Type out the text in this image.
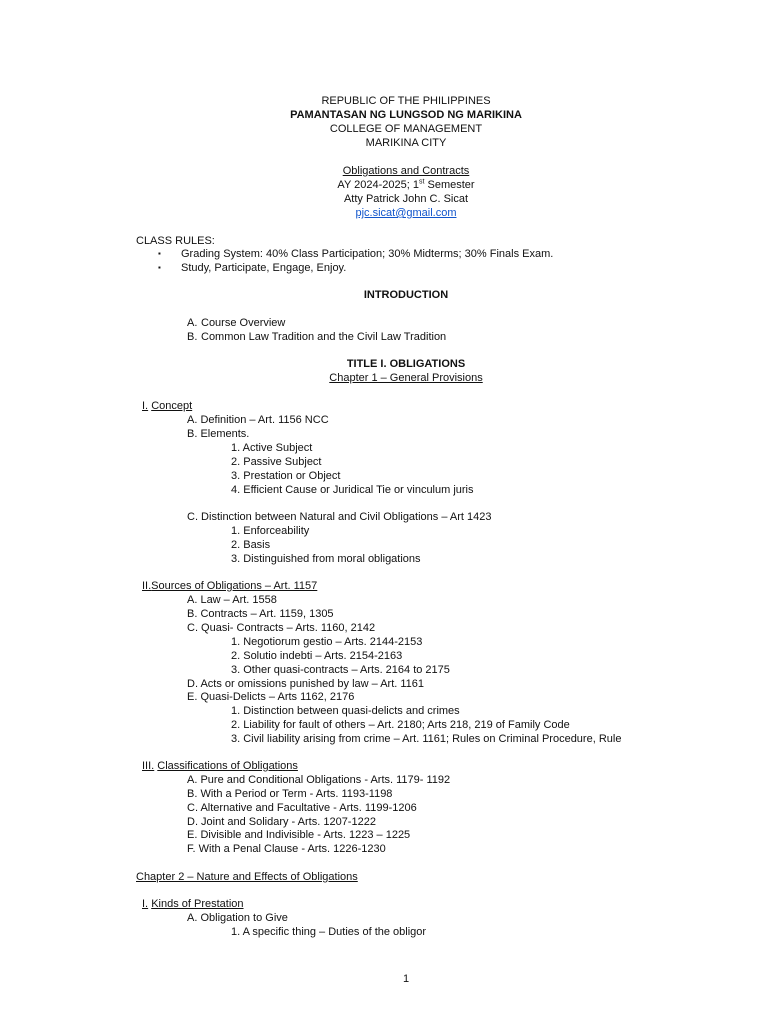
REPUBLIC OF THE PHILIPPINES
PAMANTASAN NG LUNGSOD NG MARIKINA
COLLEGE OF MANAGEMENT
MARIKINA CITY
Obligations and Contracts
AY 2024-2025; 1st Semester
Atty Patrick John C. Sicat
pjc.sicat@gmail.com
CLASS RULES:
▪ Grading System: 40% Class Participation; 30% Midterms; 30% Finals Exam.
▪ Study, Participate, Engage, Enjoy.
INTRODUCTION
A. Course Overview
B. Common Law Tradition and the Civil Law Tradition
TITLE I. OBLIGATIONS
Chapter 1 – General Provisions
I. Concept
A. Definition – Art. 1156 NCC
B. Elements.
1. Active Subject
2. Passive Subject
3. Prestation or Object
4. Efficient Cause or Juridical Tie or vinculum juris
C. Distinction between Natural and Civil Obligations – Art 1423
1. Enforceability
2. Basis
3. Distinguished from moral obligations
II.Sources of Obligations – Art. 1157
A. Law – Art. 1558
B. Contracts – Art. 1159, 1305
C. Quasi- Contracts – Arts. 1160, 2142
1. Negotiorum gestio – Arts. 2144-2153
2. Solutio indebti – Arts. 2154-2163
3. Other quasi-contracts – Arts. 2164 to 2175
D. Acts or omissions punished by law – Art. 1161
E. Quasi-Delicts – Arts 1162, 2176
1. Distinction between quasi-delicts and crimes
2. Liability for fault of others – Art. 2180; Arts 218, 219 of Family Code
3. Civil liability arising from crime – Art. 1161; Rules on Criminal Procedure, Rule
III. Classifications of Obligations
A. Pure and Conditional Obligations - Arts. 1179- 1192
B. With a Period or Term - Arts. 1193-1198
C. Alternative and Facultative - Arts. 1199-1206
D. Joint and Solidary - Arts. 1207-1222
E. Divisible and Indivisible - Arts. 1223 – 1225
F. With a Penal Clause - Arts. 1226-1230
Chapter 2 – Nature and Effects of Obligations
I. Kinds of Prestation
A. Obligation to Give
1. A specific thing – Duties of the obligor
1
